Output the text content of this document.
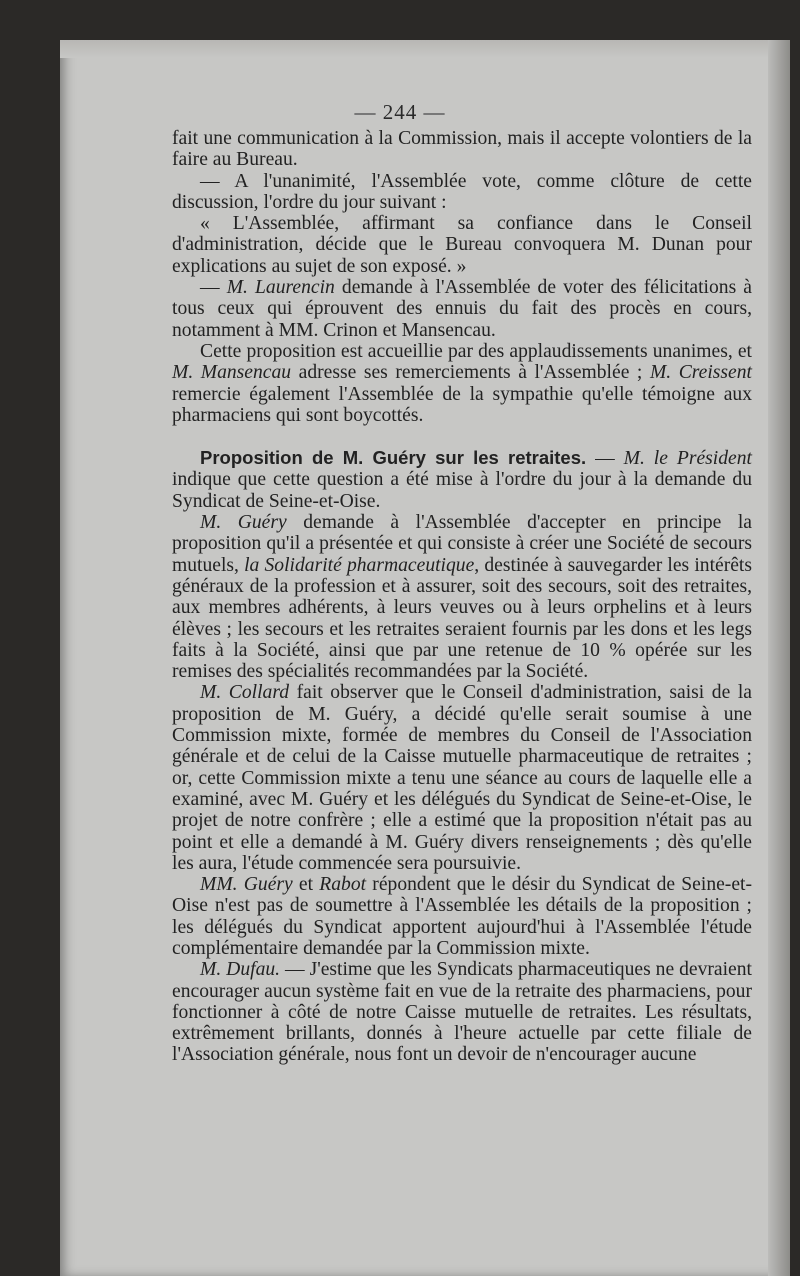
— 244 —

fait une communication à la Commission, mais il accepte volontiers de la faire au Bureau.

— A l'unanimité, l'Assemblée vote, comme clôture de cette discussion, l'ordre du jour suivant :

« L'Assemblée, affirmant sa confiance dans le Conseil d'administration, décide que le Bureau convoquera M. Dunan pour explications au sujet de son exposé. »

— M. Laurencin demande à l'Assemblée de voter des félicitations à tous ceux qui éprouvent des ennuis du fait des procès en cours, notamment à MM. Crinon et Mansencau.

Cette proposition est accueillie par des applaudissements unanimes, et M. Mansencau adresse ses remerciements à l'Assemblée ; M. Creissent remercie également l'Assemblée de la sympathie qu'elle témoigne aux pharmaciens qui sont boycottés.

Proposition de M. Guéry sur les retraites. — M. le Président indique que cette question a été mise à l'ordre du jour à la demande du Syndicat de Seine-et-Oise.

M. Guéry demande à l'Assemblée d'accepter en principe la proposition qu'il a présentée et qui consiste à créer une Société de secours mutuels, la Solidarité pharmaceutique, destinée à sauvegarder les intérêts généraux de la profession et à assurer, soit des secours, soit des retraites, aux membres adhérents, à leurs veuves ou à leurs orphelins et à leurs élèves ; les secours et les retraites seraient fournis par les dons et les legs faits à la Société, ainsi que par une retenue de 10 % opérée sur les remises des spécialités recommandées par la Société.

M. Collard fait observer que le Conseil d'administration, saisi de la proposition de M. Guéry, a décidé qu'elle serait soumise à une Commission mixte, formée de membres du Conseil de l'Association générale et de celui de la Caisse mutuelle pharmaceutique de retraites ; or, cette Commission mixte a tenu une séance au cours de laquelle elle a examiné, avec M. Guéry et les délégués du Syndicat de Seine-et-Oise, le projet de notre confrère ; elle a estimé que la proposition n'était pas au point et elle a demandé à M. Guéry divers renseignements ; dès qu'elle les aura, l'étude commencée sera poursuivie.

MM. Guéry et Rabot répondent que le désir du Syndicat de Seine-et-Oise n'est pas de soumettre à l'Assemblée les détails de la proposition ; les délégués du Syndicat apportent aujourd'hui à l'Assemblée l'étude complémentaire demandée par la Commission mixte.

M. Dufau. — J'estime que les Syndicats pharmaceutiques ne devraient encourager aucun système fait en vue de la retraite des pharmaciens, pour fonctionner à côté de notre Caisse mutuelle de retraites. Les résultats, extrêmement brillants, donnés à l'heure actuelle par cette filiale de l'Association générale, nous font un devoir de n'encourager aucune
